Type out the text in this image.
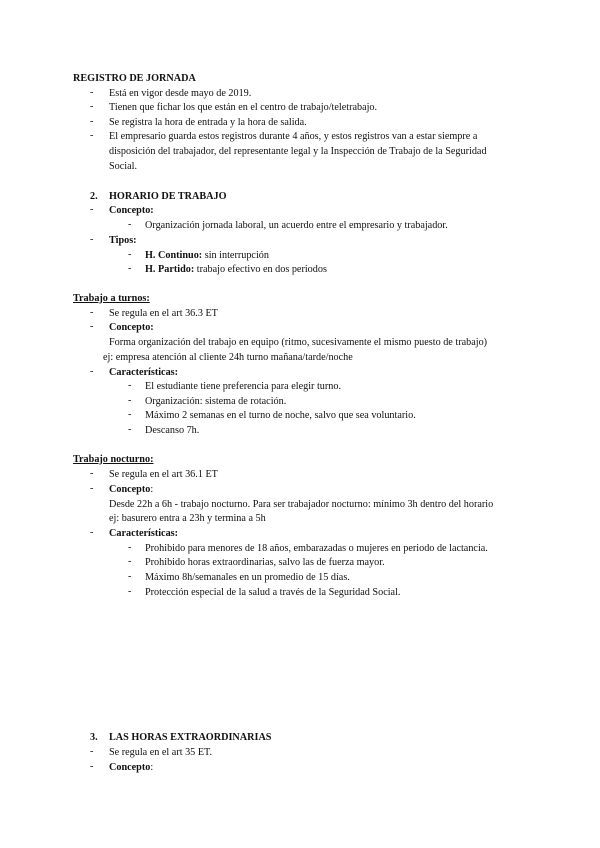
REGISTRO DE JORNADA
- Está en vigor desde mayo de 2019.
- Tienen que fichar los que están en el centro de trabajo/teletrabajo.
- Se registra la hora de entrada y la hora de salida.
- El empresario guarda estos registros durante 4 años, y estos registros van a estar siempre a
disposición del trabajador, del representante legal y la Inspección de Trabajo de la Seguridad
Social.
2. HORARIO DE TRABAJO
- Concepto:
- Organización jornada laboral, un acuerdo entre el empresario y trabajador.
- Tipos:
- H. Continuo: sin interrupción
- H. Partido: trabajo efectivo en dos periodos
Trabajo a turnos:
- Se regula en el art 36.3 ET
- Concepto:
Forma organización del trabajo en equipo (ritmo, sucesivamente el mismo puesto de trabajo)
ej: empresa atención al cliente 24h turno mañana/tarde/noche
- Características:
- El estudiante tiene preferencia para elegir turno.
- Organización: sistema de rotación.
- Máximo 2 semanas en el turno de noche, salvo que sea voluntario.
- Descanso 7h.
Trabajo nocturno:
- Se regula en el art 36.1 ET
- Concepto:
Desde 22h a 6h - trabajo nocturno. Para ser trabajador nocturno: mínimo 3h dentro del horario
ej: basurero entra a 23h y termina a 5h
- Características:
- Prohibido para menores de 18 años, embarazadas o mujeres en periodo de lactancia.
- Prohibido horas extraordinarias, salvo las de fuerza mayor.
- Máximo 8h/semanales en un promedio de 15 días.
- Protección especial de la salud a través de la Seguridad Social.
3. LAS HORAS EXTRAORDINARIAS
- Se regula en el art 35 ET.
- Concepto:
